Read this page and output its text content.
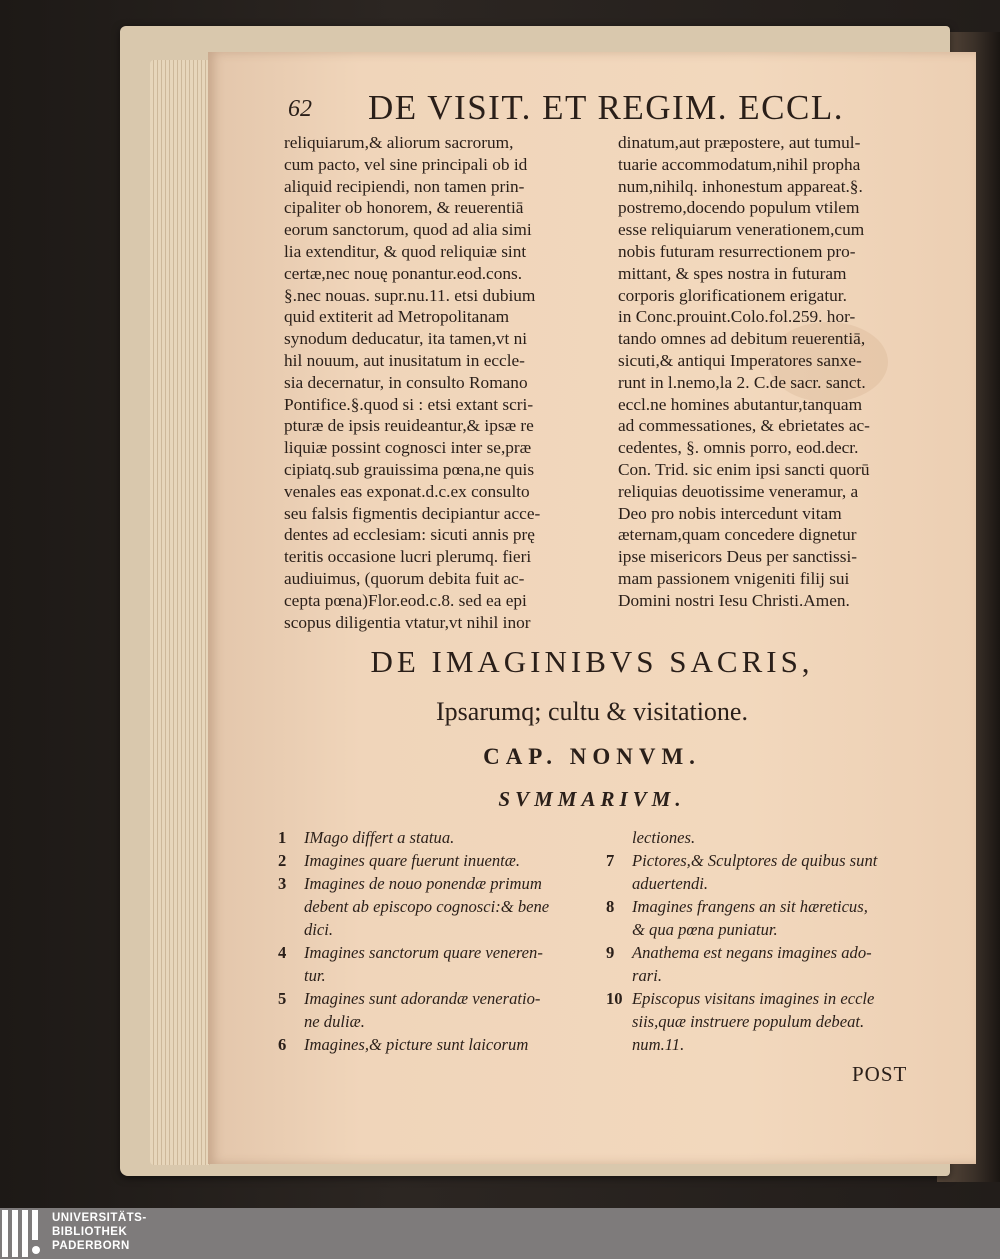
62 DE VISIT. ET REGIM. ECCL.
reliquiarum,& aliorum sacrorum,
cum pacto, vel sine principali ob id
aliquid recipiendi, non tamen prin-
cipaliter ob honorem, & reuerentiā
eorum sanctorum, quod ad alia simi
lia extenditur, & quod reliquiæ sint
certæ,nec nouę ponantur.eod.cons.
§.nec nouas. supr.nu.11. etsi dubium
quid extiterit ad Metropolitanam
synodum deducatur, ita tamen,vt ni
hil nouum, aut inusitatum in eccle-
sia decernatur, in consulto Romano
Pontifice.§.quod si : etsi extant scri-
pturæ de ipsis reuideantur,& ipsæ re
liquiæ possint cognosci inter se,præ
cipiatq.sub grauissima pœna,ne quis
venales eas exponat.d.c.ex consulto
seu falsis figmentis decipiantur acce-
dentes ad ecclesiam: sicuti annis prę
teritis occasione lucri plerumq. fieri
audiuimus, (quorum debita fuit ac-
cepta pœna)Flor.eod.c.8. sed ea epi
scopus diligentia vtatur,vt nihil inor
dinatum,aut præpostere, aut tumul-
tuarie accommodatum,nihil propha
num,nihilq. inhonestum appareat.§.
postremo,docendo populum vtilem
esse reliquiarum venerationem,cum
nobis futuram resurrectionem pro-
mittant, & spes nostra in futuram
corporis glorificationem erigatur.
in Conc.prouint.Colo.fol.259. hor-
tando omnes ad debitum reuerentiā,
sicuti,& antiqui Imperatores sanxe-
runt in l.nemo,la 2. C.de sacr. sanct.
eccl.ne homines abutantur,tanquam
ad commessationes, & ebrietates ac-
cedentes, §. omnis porro, eod.decr.
Con. Trid. sic enim ipsi sancti quorū
reliquias deuotissime veneramur, a
Deo pro nobis intercedunt vitam
æternam,quam concedere dignetur
ipse misericors Deus per sanctissi-
mam passionem vnigeniti filij sui
Domini nostri Iesu Christi.Amen.
DE IMAGINIBVS SACRIS,
Ipsarumq; cultu & visitatione.
CAP. NONVM.
SVMMARIVM.
1	IMago differt a statua.
2	Imagines quare fuerunt inuentæ.
3	Imagines de nouo ponendæ primum
debent ab episcopo cognosci:& bene
dici.
4	Imagines sanctorum quare veneren-
tur.
5	Imagines sunt adorandæ veneratio-
ne duliæ.
6	Imagines,& picture sunt laicorum
lectiones.
7	Pictores,& Sculptores de quibus sunt
aduertendi.
8	Imagines frangens an sit hæreticus,
& qua pœna puniatur.
9	Anathema est negans imagines ado-
rari.
10 Episcopus visitans imagines in eccle
siis,quæ instruere populum debeat.
num.11.
POST
UNIVERSITÄTS-
BIBLIOTHEK
PADERBORN
